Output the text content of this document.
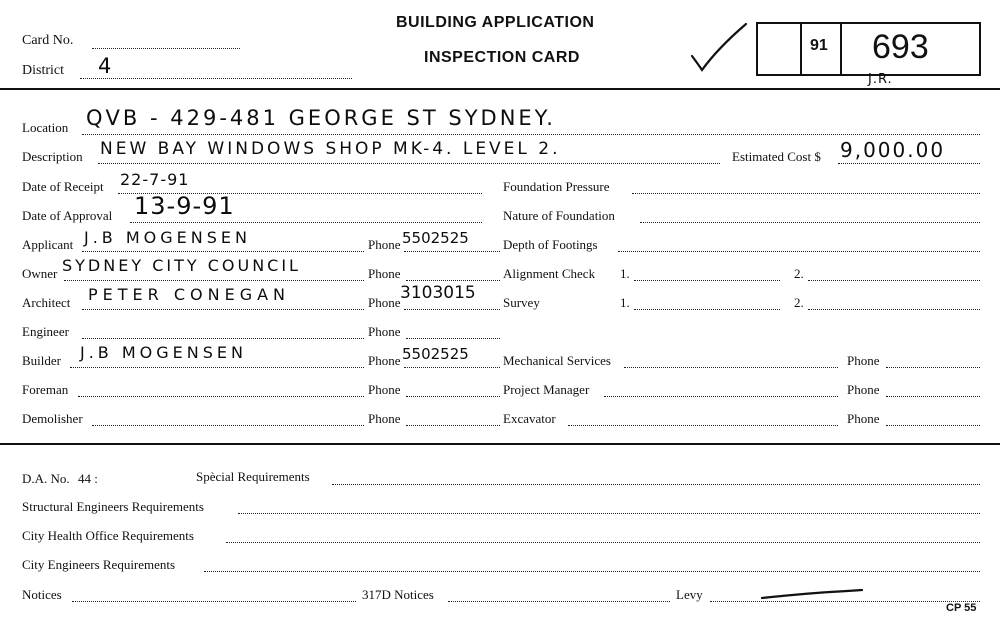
Card No.
District 4
BUILDING APPLICATION
INSPECTION CARD
91 693
J.R.
Location QVB - 429-481 GEORGE ST SYDNEY.
Description NEW BAY WINDOWS SHOP MK-4. LEVEL 2.	Estimated Cost $ 9,000.00
Date of Receipt 22-7-91	Foundation Pressure
Date of Approval 13-9-91	Nature of Foundation
Applicant J.B MOGENSEN	Phone 5502525	Depth of Footings
Owner SYDNEY CITY COUNCIL	Phone	Alignment Check 1.	2.
Architect PETER CONEGAN	Phone 3103015 Survey	1.	2.
Engineer	Phone
Builder J.B MOGENSEN	Phone 5502525	Mechanical Services	Phone
Foreman	Phone	Project Manager	Phone
Demolisher	Phone	Excavator	Phone
D.A. No. 44 :	Spècial Requirements
Structural Engineers Requirements
City Health Office Requirements
City Engineers Requirements
Notices	317D Notices	Levy
CP 55
